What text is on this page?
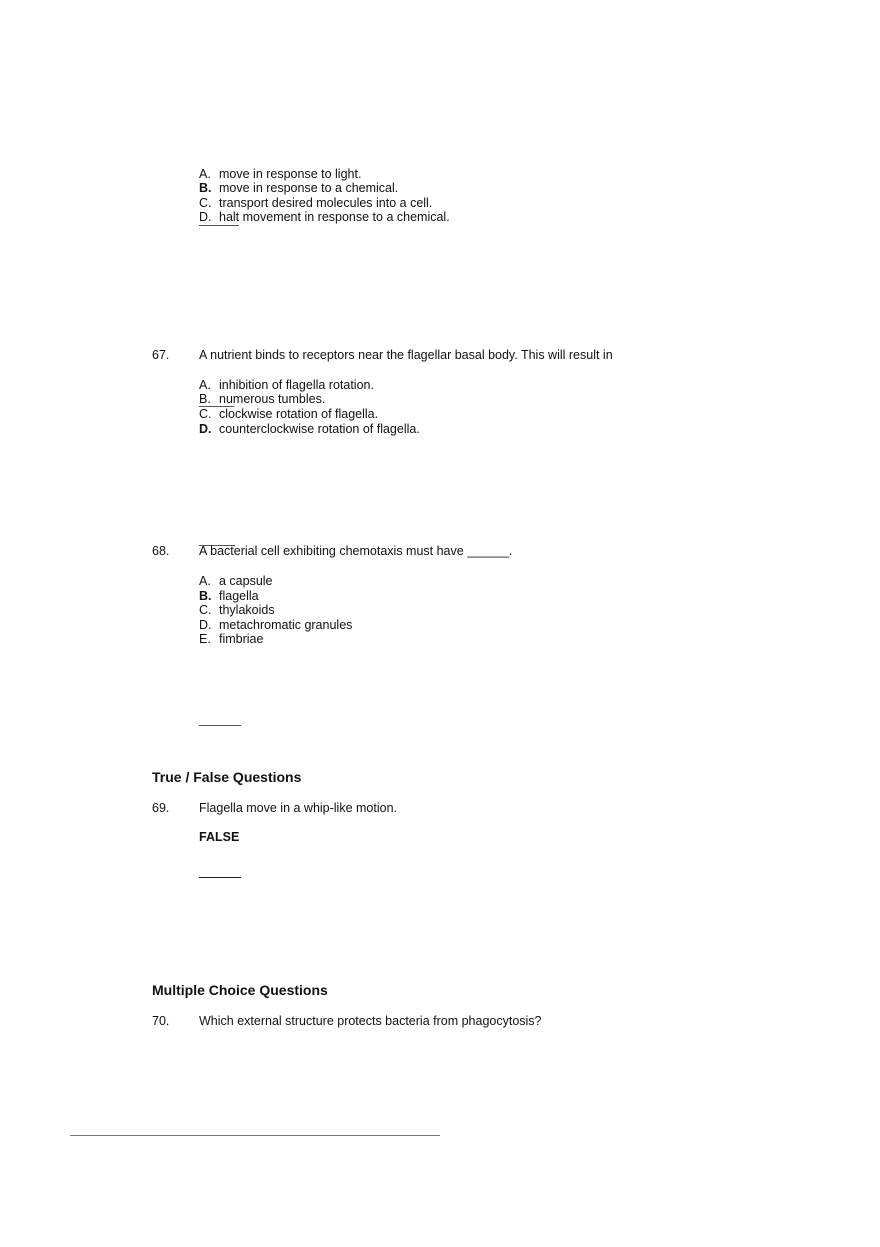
A. move in response to light.
B. move in response to a chemical.
C. transport desired molecules into a cell.
D. halt movement in response to a chemical.
67. A nutrient binds to receptors near the flagellar basal body. This will result in
A. inhibition of flagella rotation.
B. numerous tumbles.
C. clockwise rotation of flagella.
D. counterclockwise rotation of flagella.
68. A bacterial cell exhibiting chemotaxis must have ______.
A. a capsule
B. flagella
C. thylakoids
D. metachromatic granules
E. fimbriae
True / False Questions
69. Flagella move in a whip-like motion.
FALSE
Multiple Choice Questions
70. Which external structure protects bacteria from phagocytosis?
